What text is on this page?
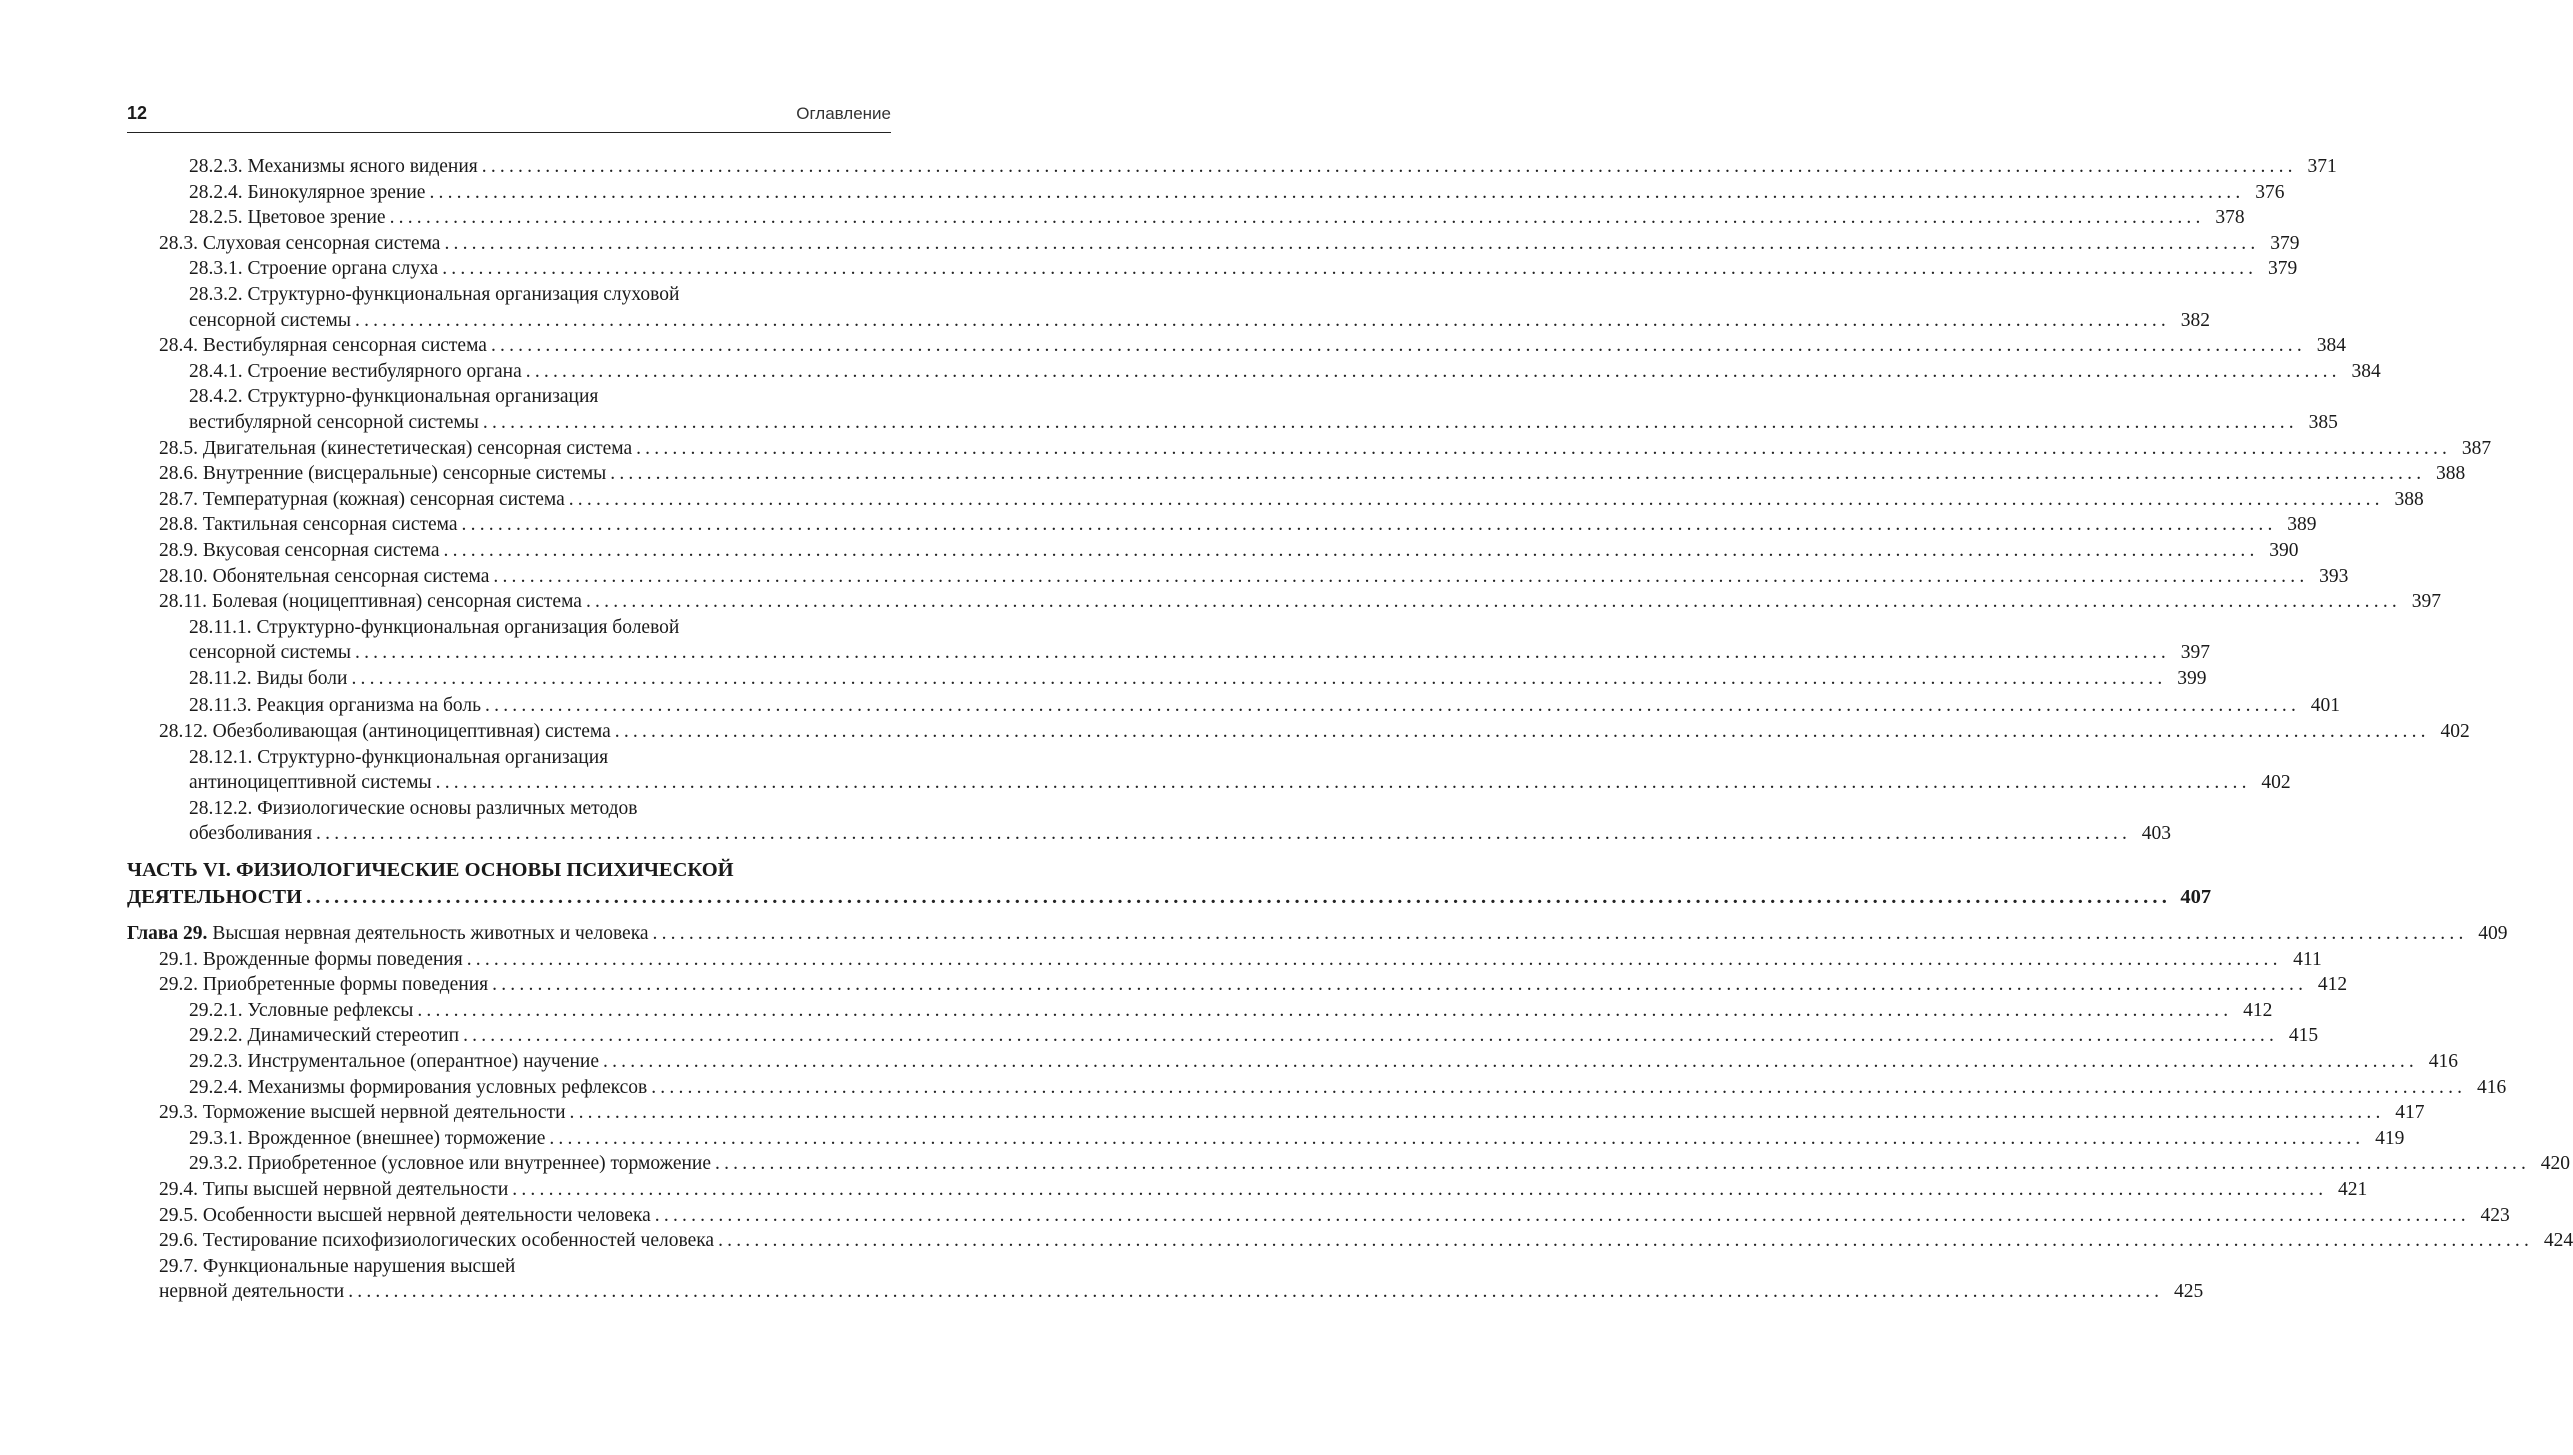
12	Оглавление
28.2.3. Механизмы ясного видения ........................................................................................................................................................................................................ 371
28.2.4. Бинокулярное зрение ........................................................................................................................................................................................................ 376
28.2.5. Цветовое зрение ........................................................................................................................................................................................................ 378
28.3. Слуховая сенсорная система ........................................................................................................................................................................................................ 379
28.3.1. Строение органа слуха ........................................................................................................................................................................................................ 379
28.3.2. Структурно-функциональная организация слуховой
сенсорной системы ........................................................................................................................................................................................................ 382
28.4. Вестибулярная сенсорная система ........................................................................................................................................................................................................ 384
28.4.1. Строение вестибулярного органа ........................................................................................................................................................................................................ 384
28.4.2. Структурно-функциональная организация
вестибулярной сенсорной системы ........................................................................................................................................................................................................ 385
28.5. Двигательная (кинестетическая) сенсорная система ........................................................................................................................................................................................................ 387
28.6. Внутренние (висцеральные) сенсорные системы ........................................................................................................................................................................................................ 388
28.7. Температурная (кожная) сенсорная система ........................................................................................................................................................................................................ 388
28.8. Тактильная сенсорная система ........................................................................................................................................................................................................ 389
28.9. Вкусовая сенсорная система ........................................................................................................................................................................................................ 390
28.10. Обонятельная сенсорная система ........................................................................................................................................................................................................ 393
28.11. Болевая (ноцицептивная) сенсорная система ........................................................................................................................................................................................................ 397
28.11.1. Структурно-функциональная организация болевой
сенсорной системы ........................................................................................................................................................................................................ 397
28.11.2. Виды боли ........................................................................................................................................................................................................ 399
28.11.3. Реакция организма на боль ........................................................................................................................................................................................................ 401
28.12. Обезболивающая (антиноцицептивная) система ........................................................................................................................................................................................................ 402
28.12.1. Структурно-функциональная организация
антиноцицептивной системы ........................................................................................................................................................................................................ 402
28.12.2. Физиологические основы различных методов
обезболивания ........................................................................................................................................................................................................ 403
ЧАСТЬ VI. ФИЗИОЛОГИЧЕСКИЕ ОСНОВЫ ПСИХИЧЕСКОЙ
ДЕЯТЕЛЬНОСТИ ........................................................................................................................................................................................................ 407
Глава 29. Высшая нервная деятельность животных и человека ........................................................................................................................................................................................................ 409
29.1. Врожденные формы поведения ........................................................................................................................................................................................................ 411
29.2. Приобретенные формы поведения ........................................................................................................................................................................................................ 412
29.2.1. Условные рефлексы ........................................................................................................................................................................................................ 412
29.2.2. Динамический стереотип ........................................................................................................................................................................................................ 415
29.2.3. Инструментальное (оперантное) научение ........................................................................................................................................................................................................ 416
29.2.4. Механизмы формирования условных рефлексов ........................................................................................................................................................................................................ 416
29.3. Торможение высшей нервной деятельности ........................................................................................................................................................................................................ 417
29.3.1. Врожденное (внешнее) торможение ........................................................................................................................................................................................................ 419
29.3.2. Приобретенное (условное или внутреннее) торможение ........................................................................................................................................................................................................ 420
29.4. Типы высшей нервной деятельности ........................................................................................................................................................................................................ 421
29.5. Особенности высшей нервной деятельности человека ........................................................................................................................................................................................................ 423
29.6. Тестирование психофизиологических особенностей человека ........................................................................................................................................................................................................ 424
29.7. Функциональные нарушения высшей
нервной деятельности ........................................................................................................................................................................................................ 425
